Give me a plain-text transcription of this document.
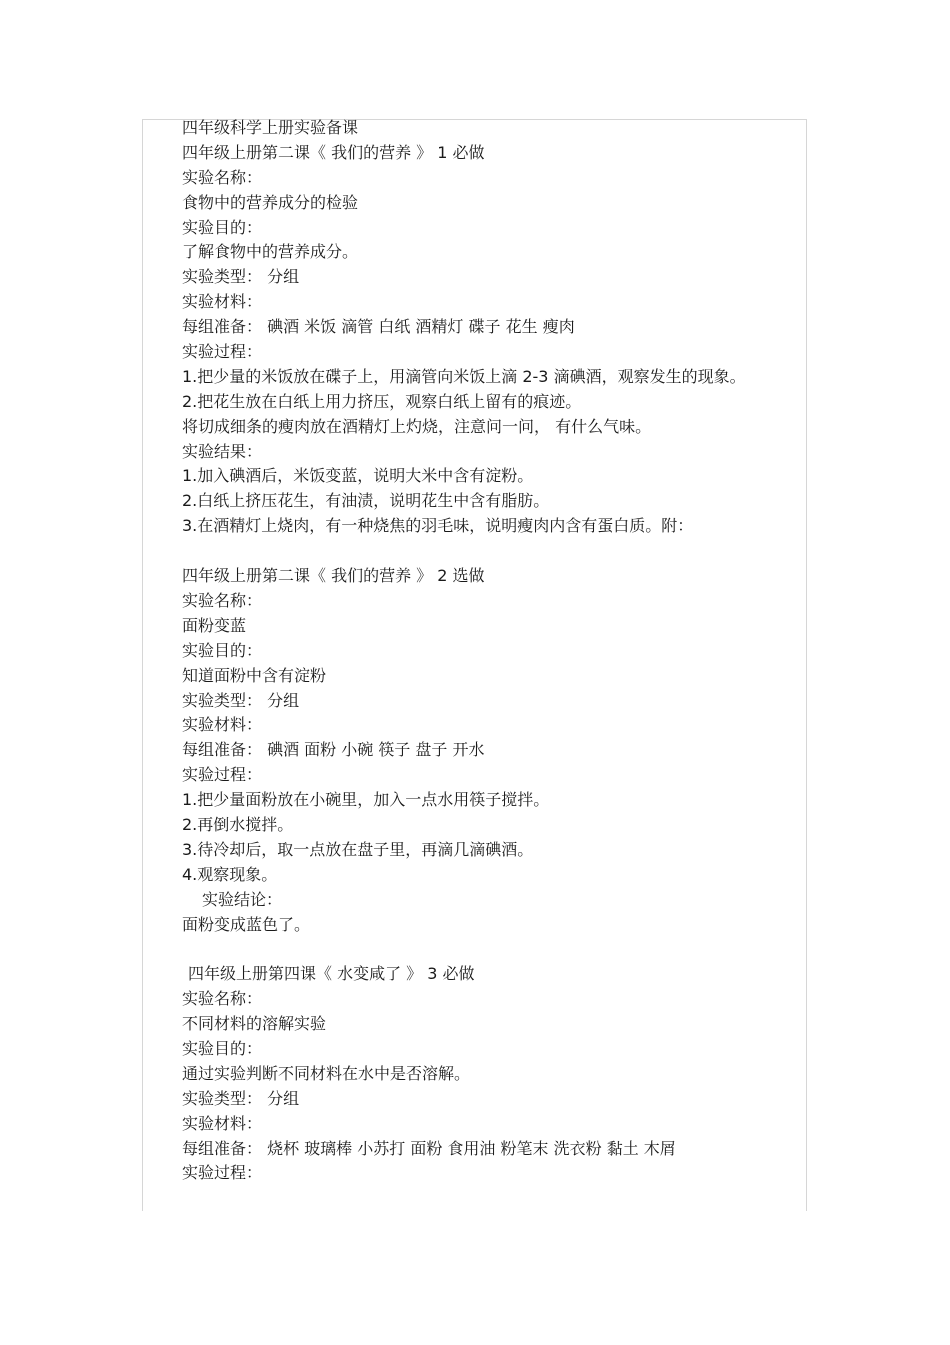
四年级科学上册实验备课
四年级上册第二课《 我们的营养 》 1 必做
实验名称：
食物中的营养成分的检验
实验目的：
了解食物中的营养成分。
实验类型： 分组
实验材料：
每组准备： 碘酒 米饭 滴管 白纸 酒精灯 碟子 花生 瘦肉
实验过程：
1.把少量的米饭放在碟子上，用滴管向米饭上滴 2-3 滴碘酒，观察发生的现象。
2.把花生放在白纸上用力挤压，观察白纸上留有的痕迹。
将切成细条的瘦肉放在酒精灯上灼烧，注意问一问， 有什么气味。
实验结果：
1.加入碘酒后，米饭变蓝，说明大米中含有淀粉。
2.白纸上挤压花生，有油渍，说明花生中含有脂肪。
3.在酒精灯上烧肉，有一种烧焦的羽毛味，说明瘦肉内含有蛋白质。附：
四年级上册第二课《 我们的营养 》 2 选做
实验名称：
面粉变蓝
实验目的：
知道面粉中含有淀粉
实验类型： 分组
实验材料：
每组准备： 碘酒 面粉 小碗 筷子 盘子 开水
实验过程：
1.把少量面粉放在小碗里，加入一点水用筷子搅拌。
2.再倒水搅拌。
3.待冷却后，取一点放在盘子里，再滴几滴碘酒。
4.观察现象。
实验结论：
面粉变成蓝色了。
四年级上册第四课《 水变咸了 》 3 必做
实验名称：
不同材料的溶解实验
实验目的：
通过实验判断不同材料在水中是否溶解。
实验类型： 分组
实验材料：
每组准备： 烧杯 玻璃棒 小苏打 面粉 食用油 粉笔末 洗衣粉 黏土 木屑
实验过程：
